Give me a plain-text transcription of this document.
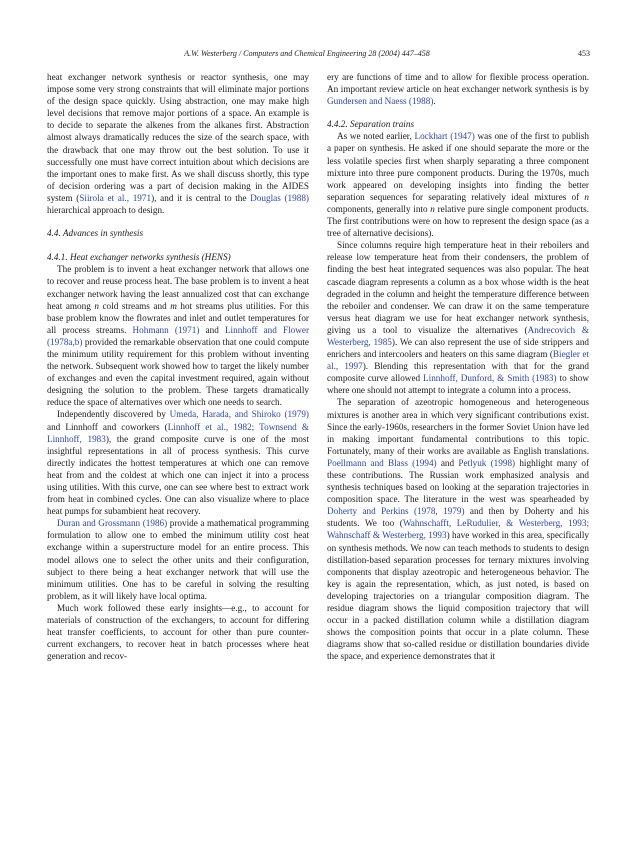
A.W. Westerberg / Computers and Chemical Engineering 28 (2004) 447–458	453

heat exchanger network synthesis or reactor synthesis, one may impose some very strong constraints that will eliminate major portions of the design space quickly. Using abstraction, one may make high level decisions that remove major portions of a space. An example is to decide to separate the alkenes from the alkanes first. Abstraction almost always dramatically reduces the size of the search space, with the drawback that one may throw out the best solution. To use it successfully one must have correct intuition about which decisions are the important ones to make first. As we shall discuss shortly, this type of decision ordering was a part of decision making in the AIDES system (Siirola et al., 1971), and it is central to the Douglas (1988) hierarchical approach to design.

4.4. Advances in synthesis
4.4.1. Heat exchanger networks synthesis (HENS)

The problem is to invent a heat exchanger network that allows one to recover and reuse process heat. The base problem is to invent a heat exchanger network having the least annualized cost that can exchange heat among n cold streams and m hot streams plus utilities. For this base problem know the flowrates and inlet and outlet temperatures for all process streams. Hohmann (1971) and Linnhoff and Flower (1978a,b) provided the remarkable observation that one could compute the minimum utility requirement for this problem without inventing the network. Subsequent work showed how to target the likely number of exchanges and even the capital investment required, again without designing the solution to the problem. These targets dramatically reduce the space of alternatives over which one needs to search.

Independently discovered by Umeda, Harada, and Shiroko (1979) and Linnhoff and coworkers (Linnhoff et al., 1982; Townsend & Linnhoff, 1983), the grand composite curve is one of the most insightful representations in all of process synthesis. This curve directly indicates the hottest temperatures at which one can remove heat from and the coldest at which one can inject it into a process using utilities. With this curve, one can see where best to extract work from heat in combined cycles. One can also visualize where to place heat pumps for subambient heat recovery.

Duran and Grossmann (1986) provide a mathematical programming formulation to allow one to embed the minimum utility cost heat exchange within a superstructure model for an entire process. This model allows one to select the other units and their configuration, subject to there being a heat exchanger network that will use the minimum utilities. One has to be careful in solving the resulting problem, as it will likely have local optima.

Much work followed these early insights—e.g., to account for materials of construction of the exchangers, to account for differing heat transfer coefficients, to account for other than pure counter-current exchangers, to recover heat in batch processes where heat generation and recov-

ery are functions of time and to allow for flexible process operation. An important review article on heat exchanger network synthesis is by Gundersen and Naess (1988).

4.4.2. Separation trains

As we noted earlier, Lockhart (1947) was one of the first to publish a paper on synthesis. He asked if one should separate the more or the less volatile species first when sharply separating a three component mixture into three pure component products. During the 1970s, much work appeared on developing insights into finding the better separation sequences for separating relatively ideal mixtures of n components, generally into n relative pure single component products. The first contributions were on how to represent the design space (as a tree of alternative decisions).

Since columns require high temperature heat in their reboilers and release low temperature heat from their condensers, the problem of finding the best heat integrated sequences was also popular. The heat cascade diagram represents a column as a box whose width is the heat degraded in the column and height the temperature difference between the reboiler and condenser. We can draw it on the same temperature versus heat diagram we use for heat exchanger network synthesis, giving us a tool to visualize the alternatives (Andrecovich & Westerberg, 1985). We can also represent the use of side strippers and enrichers and intercoolers and heaters on this same diagram (Biegler et al., 1997). Blending this representation with that for the grand composite curve allowed Linnhoff, Dunford, & Smith (1983) to show where one should not attempt to integrate a column into a process.

The separation of azeotropic homogeneous and heterogeneous mixtures is another area in which very significant contributions exist. Since the early-1960s, researchers in the former Soviet Union have led in making important fundamental contributions to this topic. Fortunately, many of their works are available as English translations. Poellmann and Blass (1994) and Petlyuk (1998) highlight many of these contributions. The Russian work emphasized analysis and synthesis techniques based on looking at the separation trajectories in composition space. The literature in the west was spearheaded by Doherty and Perkins (1978, 1979) and then by Doherty and his students. We too (Wahnschafft, LeRudulier, & Westerberg, 1993; Wahnschaff & Westerberg, 1993) have worked in this area, specifically on synthesis methods. We now can teach methods to students to design distillation-based separation processes for ternary mixtures involving components that display azeotropic and heterogeneous behavior. The key is again the representation, which, as just noted, is based on developing trajectories on a triangular composition diagram. The residue diagram shows the liquid composition trajectory that will occur in a packed distillation column while a distillation diagram shows the composition points that occur in a plate column. These diagrams show that so-called residue or distillation boundaries divide the space, and experience demonstrates that it
